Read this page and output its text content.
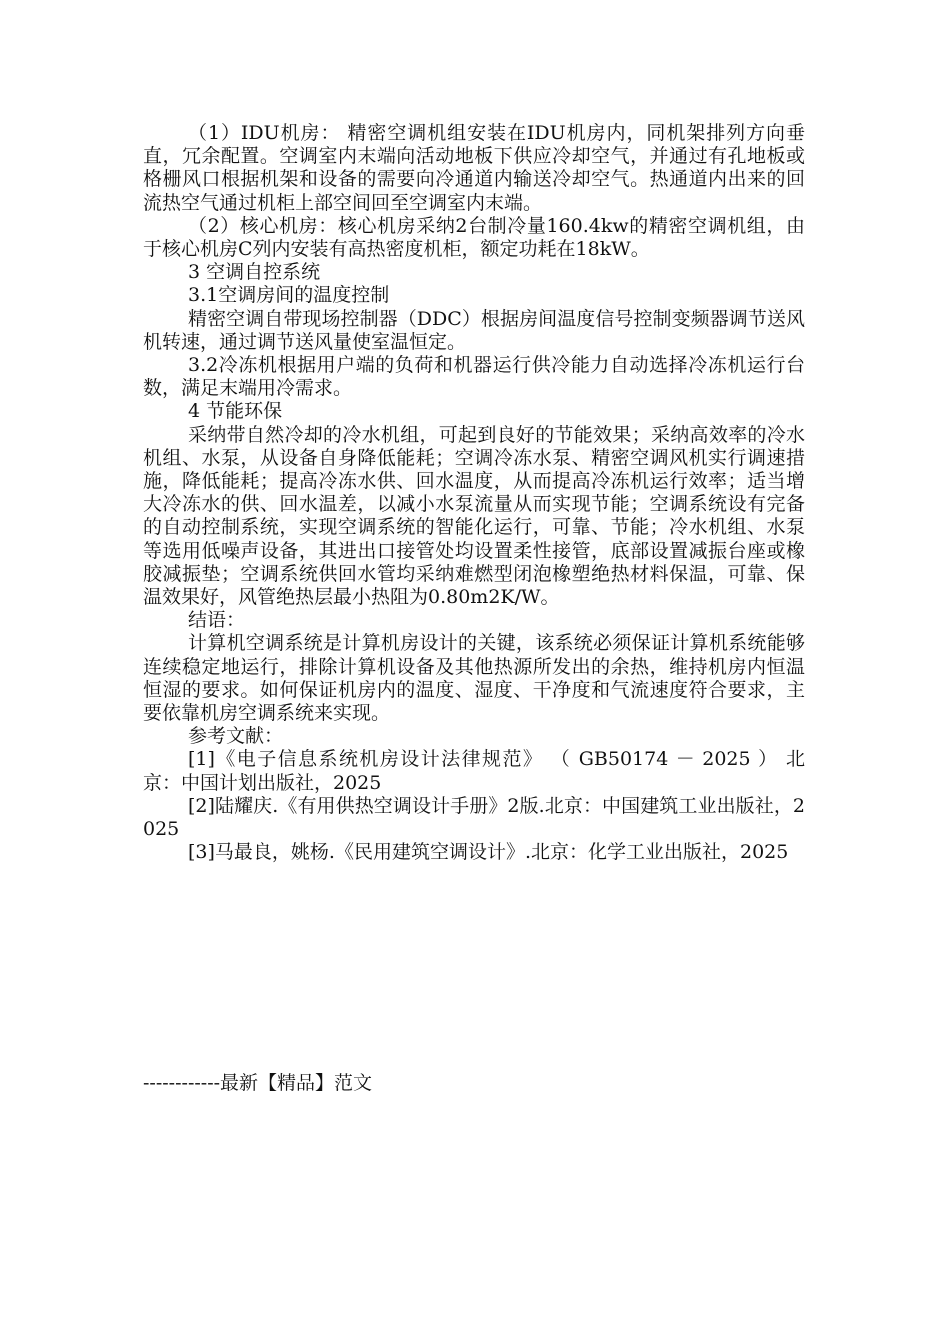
（1）IDU机房： 精密空调机组安装在IDU机房内，同机架排列方向垂直，冗余配置。空调室内末端向活动地板下供应冷却空气，并通过有孔地板或格栅风口根据机架和设备的需要向冷通道内输送冷却空气。热通道内出来的回流热空气通过机柜上部空间回至空调室内末端。

（2）核心机房：核心机房采纳2台制冷量160.4kw的精密空调机组，由于核心机房C列内安装有高热密度机柜，额定功耗在18kW。

3 空调自控系统

3.1空调房间的温度控制

精密空调自带现场控制器（DDC）根据房间温度信号控制变频器调节送风机转速，通过调节送风量使室温恒定。

3.2冷冻机根据用户端的负荷和机器运行供冷能力自动选择冷冻机运行台数，满足末端用冷需求。

4 节能环保

采纳带自然冷却的冷水机组，可起到良好的节能效果；采纳高效率的冷水机组、水泵，从设备自身降低能耗；空调冷冻水泵、精密空调风机实行调速措施，降低能耗；提高冷冻水供、回水温度，从而提高冷冻机运行效率；适当增大冷冻水的供、回水温差，以减小水泵流量从而实现节能；空调系统设有完备的自动控制系统，实现空调系统的智能化运行，可靠、节能；冷水机组、水泵等选用低噪声设备，其进出口接管处均设置柔性接管，底部设置减振台座或橡胶减振垫；空调系统供回水管均采纳难燃型闭泡橡塑绝热材料保温，可靠、保温效果好，风管绝热层最小热阻为0.80m2K/W。

结语：

计算机空调系统是计算机房设计的关键，该系统必须保证计算机系统能够连续稳定地运行，排除计算机设备及其他热源所发出的余热，维持机房内恒温恒湿的要求。如何保证机房内的温度、湿度、干净度和气流速度符合要求，主要依靠机房空调系统来实现。

参考文献：

[1]《电子信息系统机房设计法律规范》 （ GB50174 － 2025 ） 北京：中国计划出版社，2025

[2]陆耀庆.《有用供热空调设计手册》2版.北京：中国建筑工业出版社，2025

[3]马最良，姚杨.《民用建筑空调设计》.北京：化学工业出版社，2025

------------最新【精品】范文
